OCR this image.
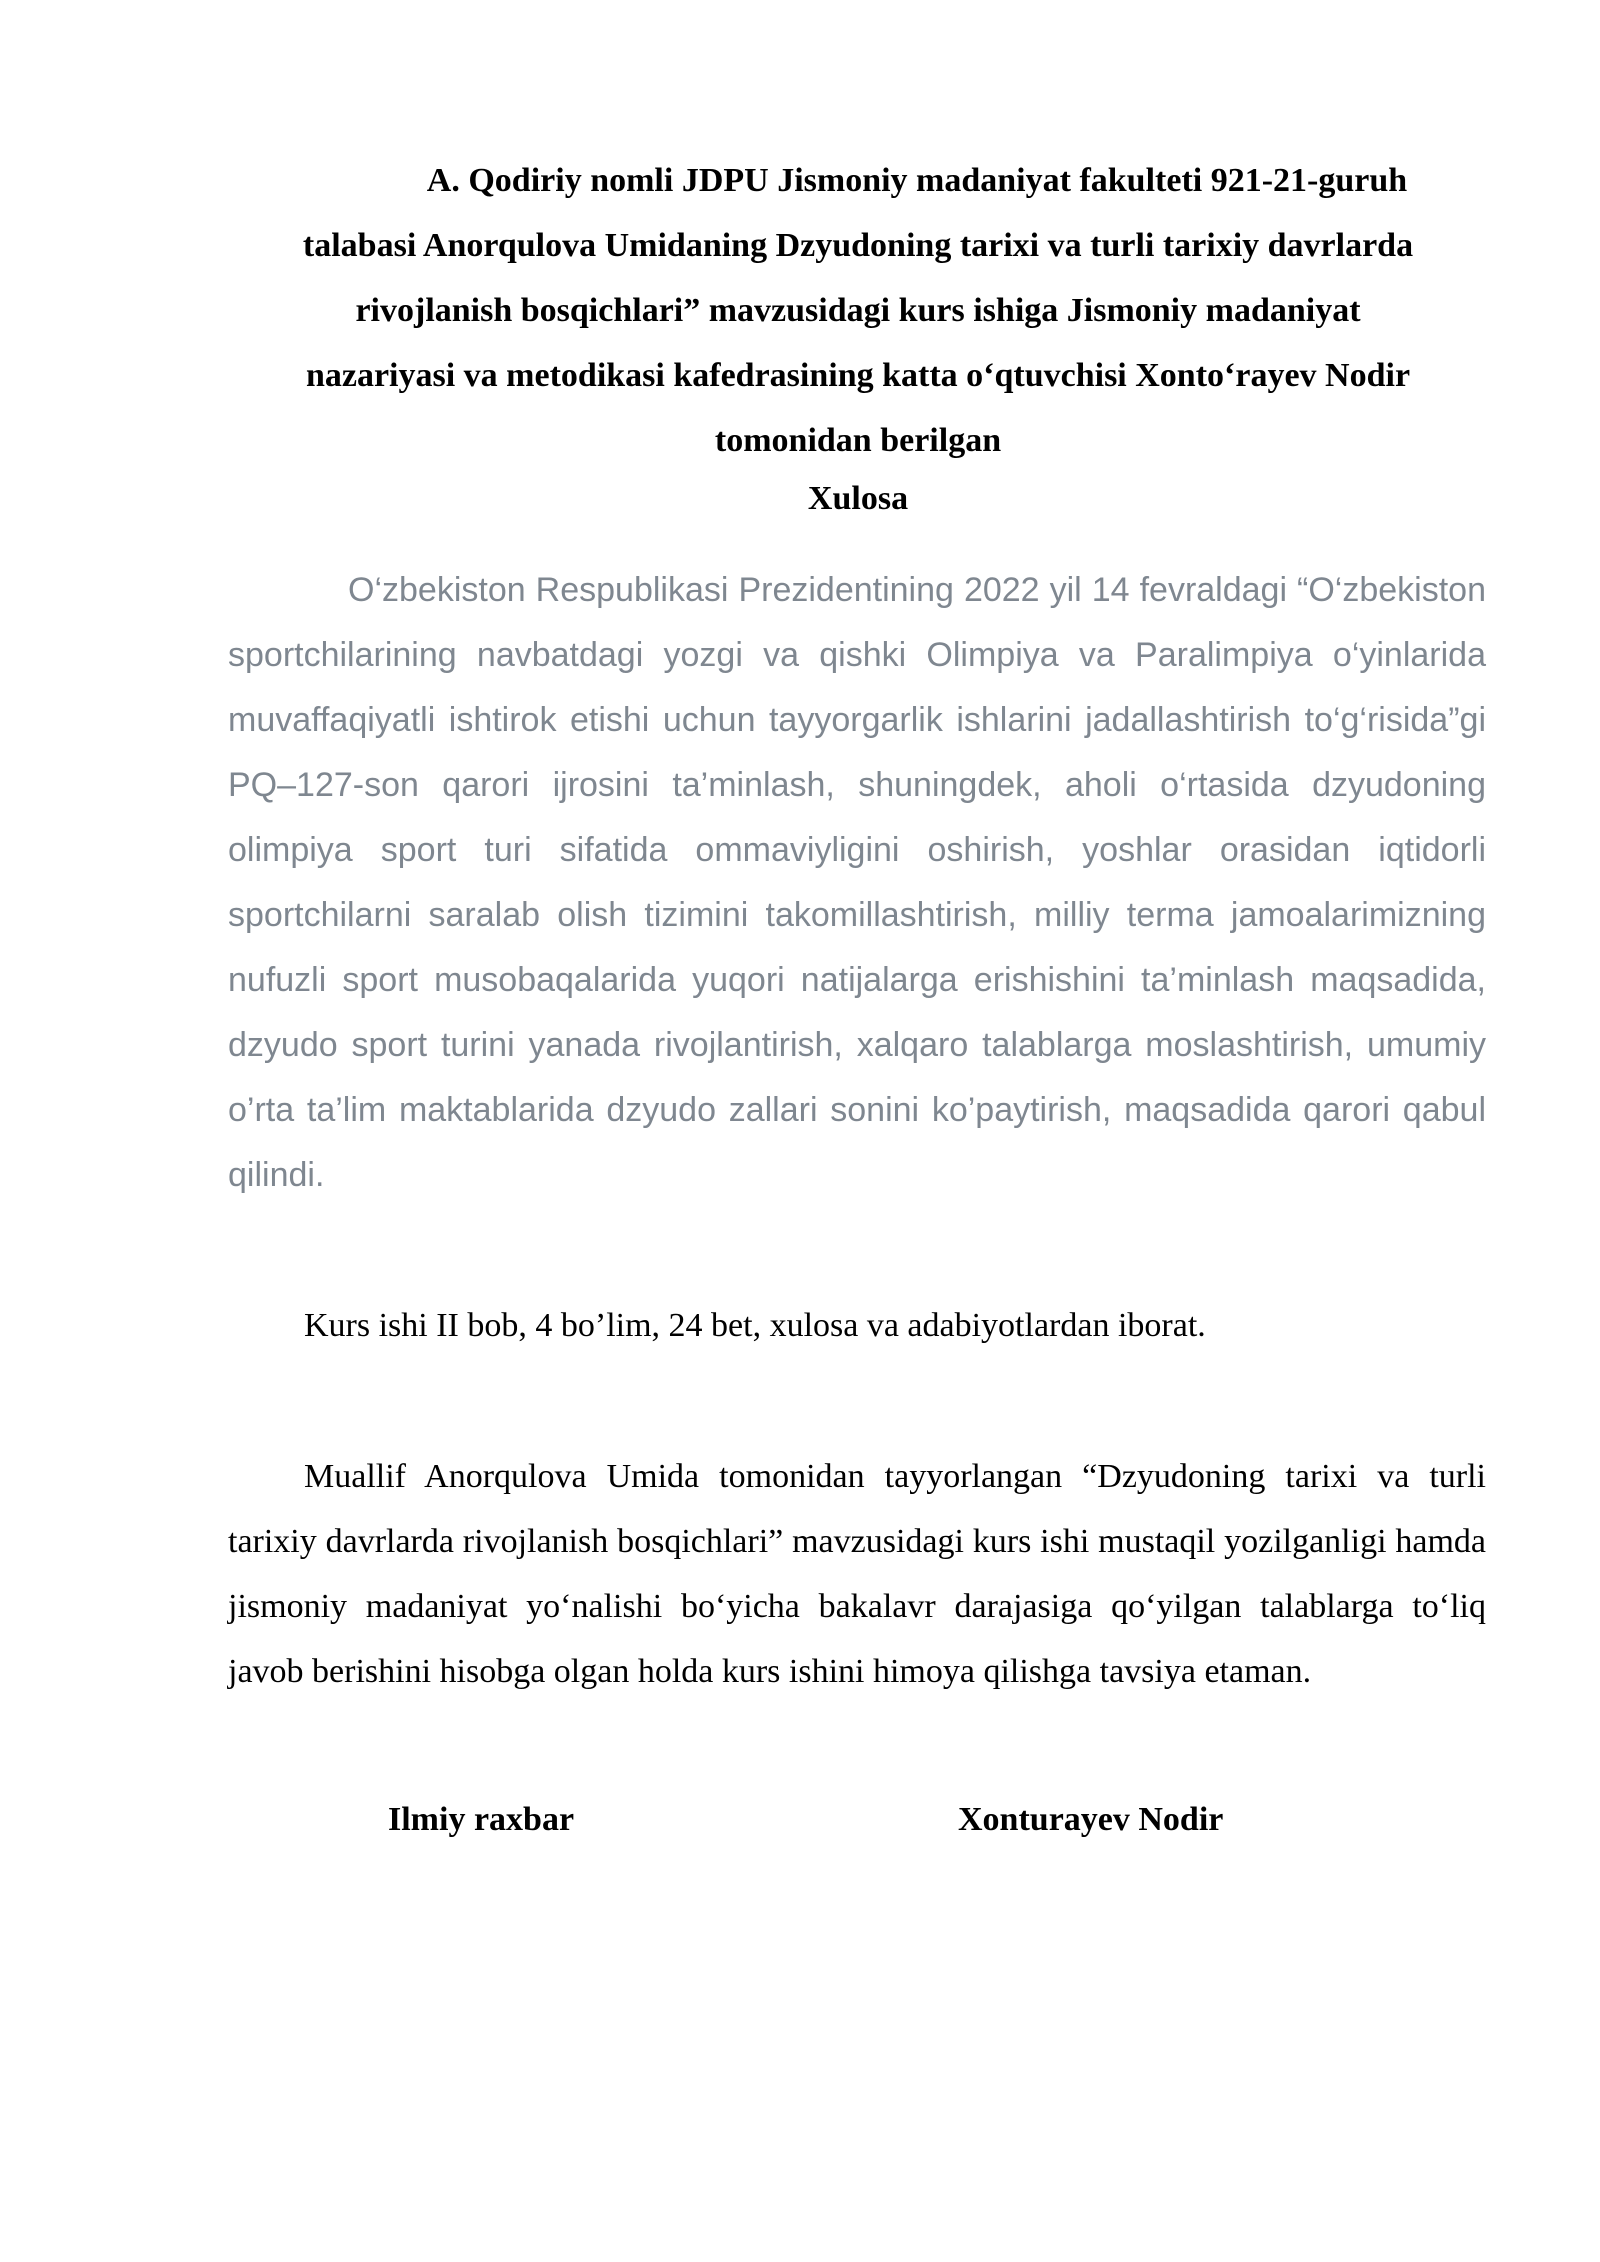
A. Qodiriy nomli JDPU Jismoniy madaniyat fakulteti 921-21-guruh
talabasi Anorqulova Umidaning Dzyudoning tarixi va turli tarixiy davrlarda
rivojlanish bosqichlari” mavzusidagi kurs ishiga Jismoniy madaniyat
nazariyasi va metodikasi kafedrasining katta o‘qtuvchisi Xonto‘rayev Nodir
tomonidan berilgan
Xulosa

O‘zbekiston Respublikasi Prezidentining 2022 yil 14 fevraldagi “O‘zbekiston sportchilarining navbatdagi yozgi va qishki Olimpiya va Paralimpiya o‘yinlarida muvaffaqiyatli ishtirok etishi uchun tayyorgarlik ishlarini jadallashtirish to‘g‘risida”gi PQ–127-son qarori ijrosini ta’minlash, shuningdek, aholi o‘rtasida dzyudoning olimpiya sport turi sifatida ommaviyligini oshirish, yoshlar orasidan iqtidorli sportchilarni saralab olish tizimini takomillashtirish, milliy terma jamoalarimizning nufuzli sport musobaqalarida yuqori natijalarga erishishini ta’minlash maqsadida, dzyudo sport turini yanada rivojlantirish, xalqaro talablarga moslashtirish, umumiy o’rta ta’lim maktablarida dzyudo zallari sonini ko’paytirish, maqsadida qarori qabul qilindi.

Kurs ishi II bob, 4 bo’lim, 24 bet, xulosa va adabiyotlardan iborat.

Muallif Anorqulova Umida tomonidan tayyorlangan “Dzyudoning tarixi va turli tarixiy davrlarda rivojlanish bosqichlari” mavzusidagi kurs ishi mustaqil yozilganligi hamda jismoniy madaniyat yo‘nalishi bo‘yicha bakalavr darajasiga qo‘yilgan talablarga to‘liq javob berishini hisobga olgan holda kurs ishini himoya qilishga tavsiya etaman.

Ilmiy raxbar	Xonturayev Nodir
